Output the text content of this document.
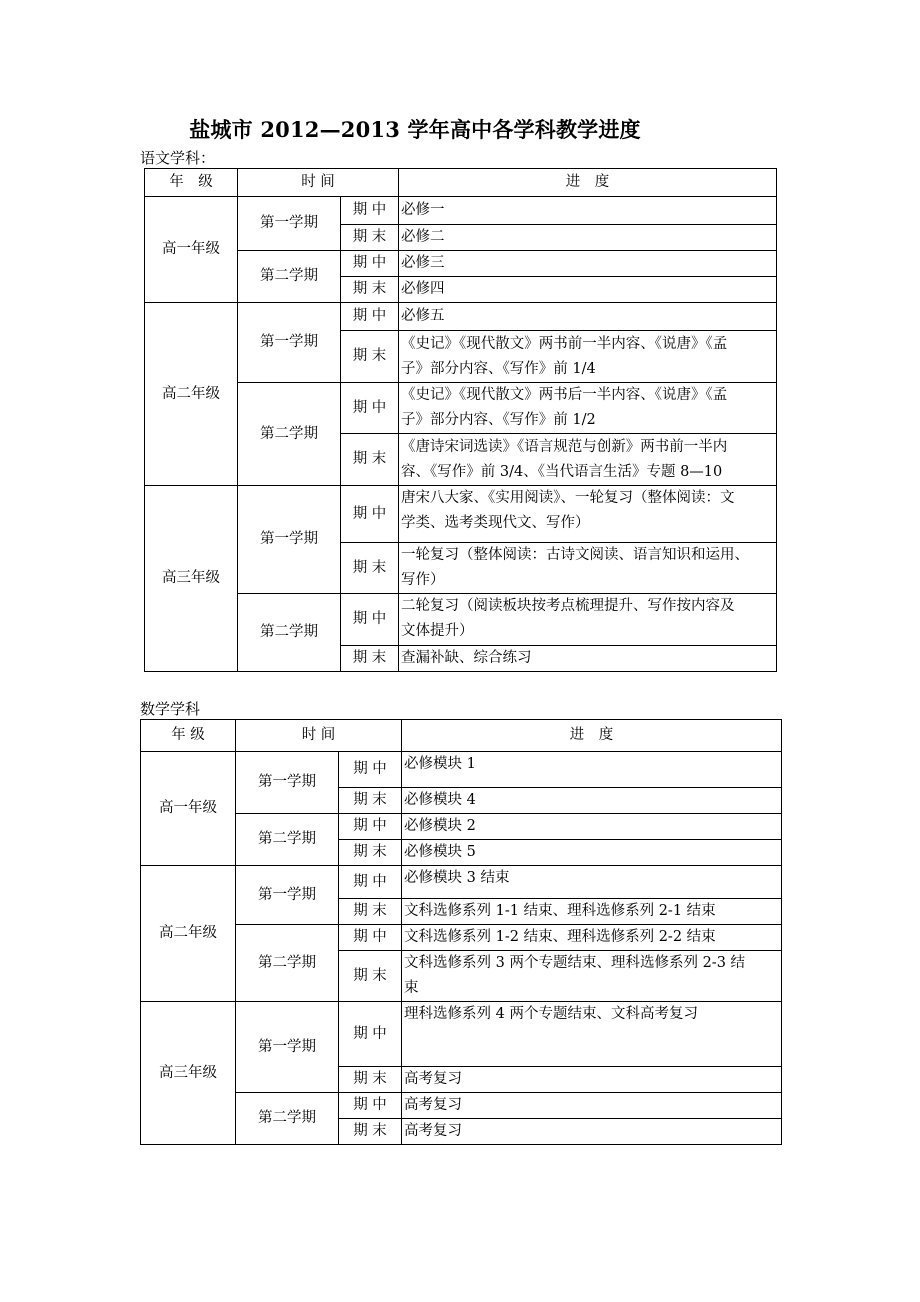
盐城市 2012—2013 学年高中各学科教学进度
语文学科：
年　级	时 间		进　度
高一年级	第一学期	期 中	必修一
		期 末	必修二
	第二学期	期 中	必修三
		期 末	必修四
高二年级	第一学期	期 中	必修五
		期 末	《史记》《现代散文》两书前一半内容、《说唐》《孟
子》部分内容、《写作》前 1/4

	第二学期	期 中	《史记》《现代散文》两书后一半内容、《说唐》《孟
子》部分内容、《写作》前 1/2

		期 末	《唐诗宋词选读》《语言规范与创新》两书前一半内
容、《写作》前 3/4、《当代语言生活》专题 8—10

高三年级	第一学期	期 中	唐宋八大家、《实用阅读》、一轮复习（整体阅读：文
学类、选考类现代文、写作）

		期 末	一轮复习（整体阅读：古诗文阅读、语言知识和运用、
写作）

	第二学期	期 中	二轮复习（阅读板块按考点梳理提升、写作按内容及
文体提升）

		期 末	查漏补缺、综合练习
数学学科
年 级	时 间		进　度
高一年级	第一学期	期 中	必修模块 1
		期 末	必修模块 4
	第二学期	期 中	必修模块 2
		期 末	必修模块 5
高二年级	第一学期	期 中	必修模块 3 结束
		期 末	文科选修系列 1-1 结束、理科选修系列 2-1 结束
	第二学期	期 中	文科选修系列 1-2 结束、理科选修系列 2-2 结束
		期 末	文科选修系列 3 两个专题结束、理科选修系列 2-3 结
束

高三年级	第一学期	期 中	理科选修系列 4 两个专题结束、文科高考复习
		期 末	高考复习
	第二学期	期 中	高考复习
		期 末	高考复习
